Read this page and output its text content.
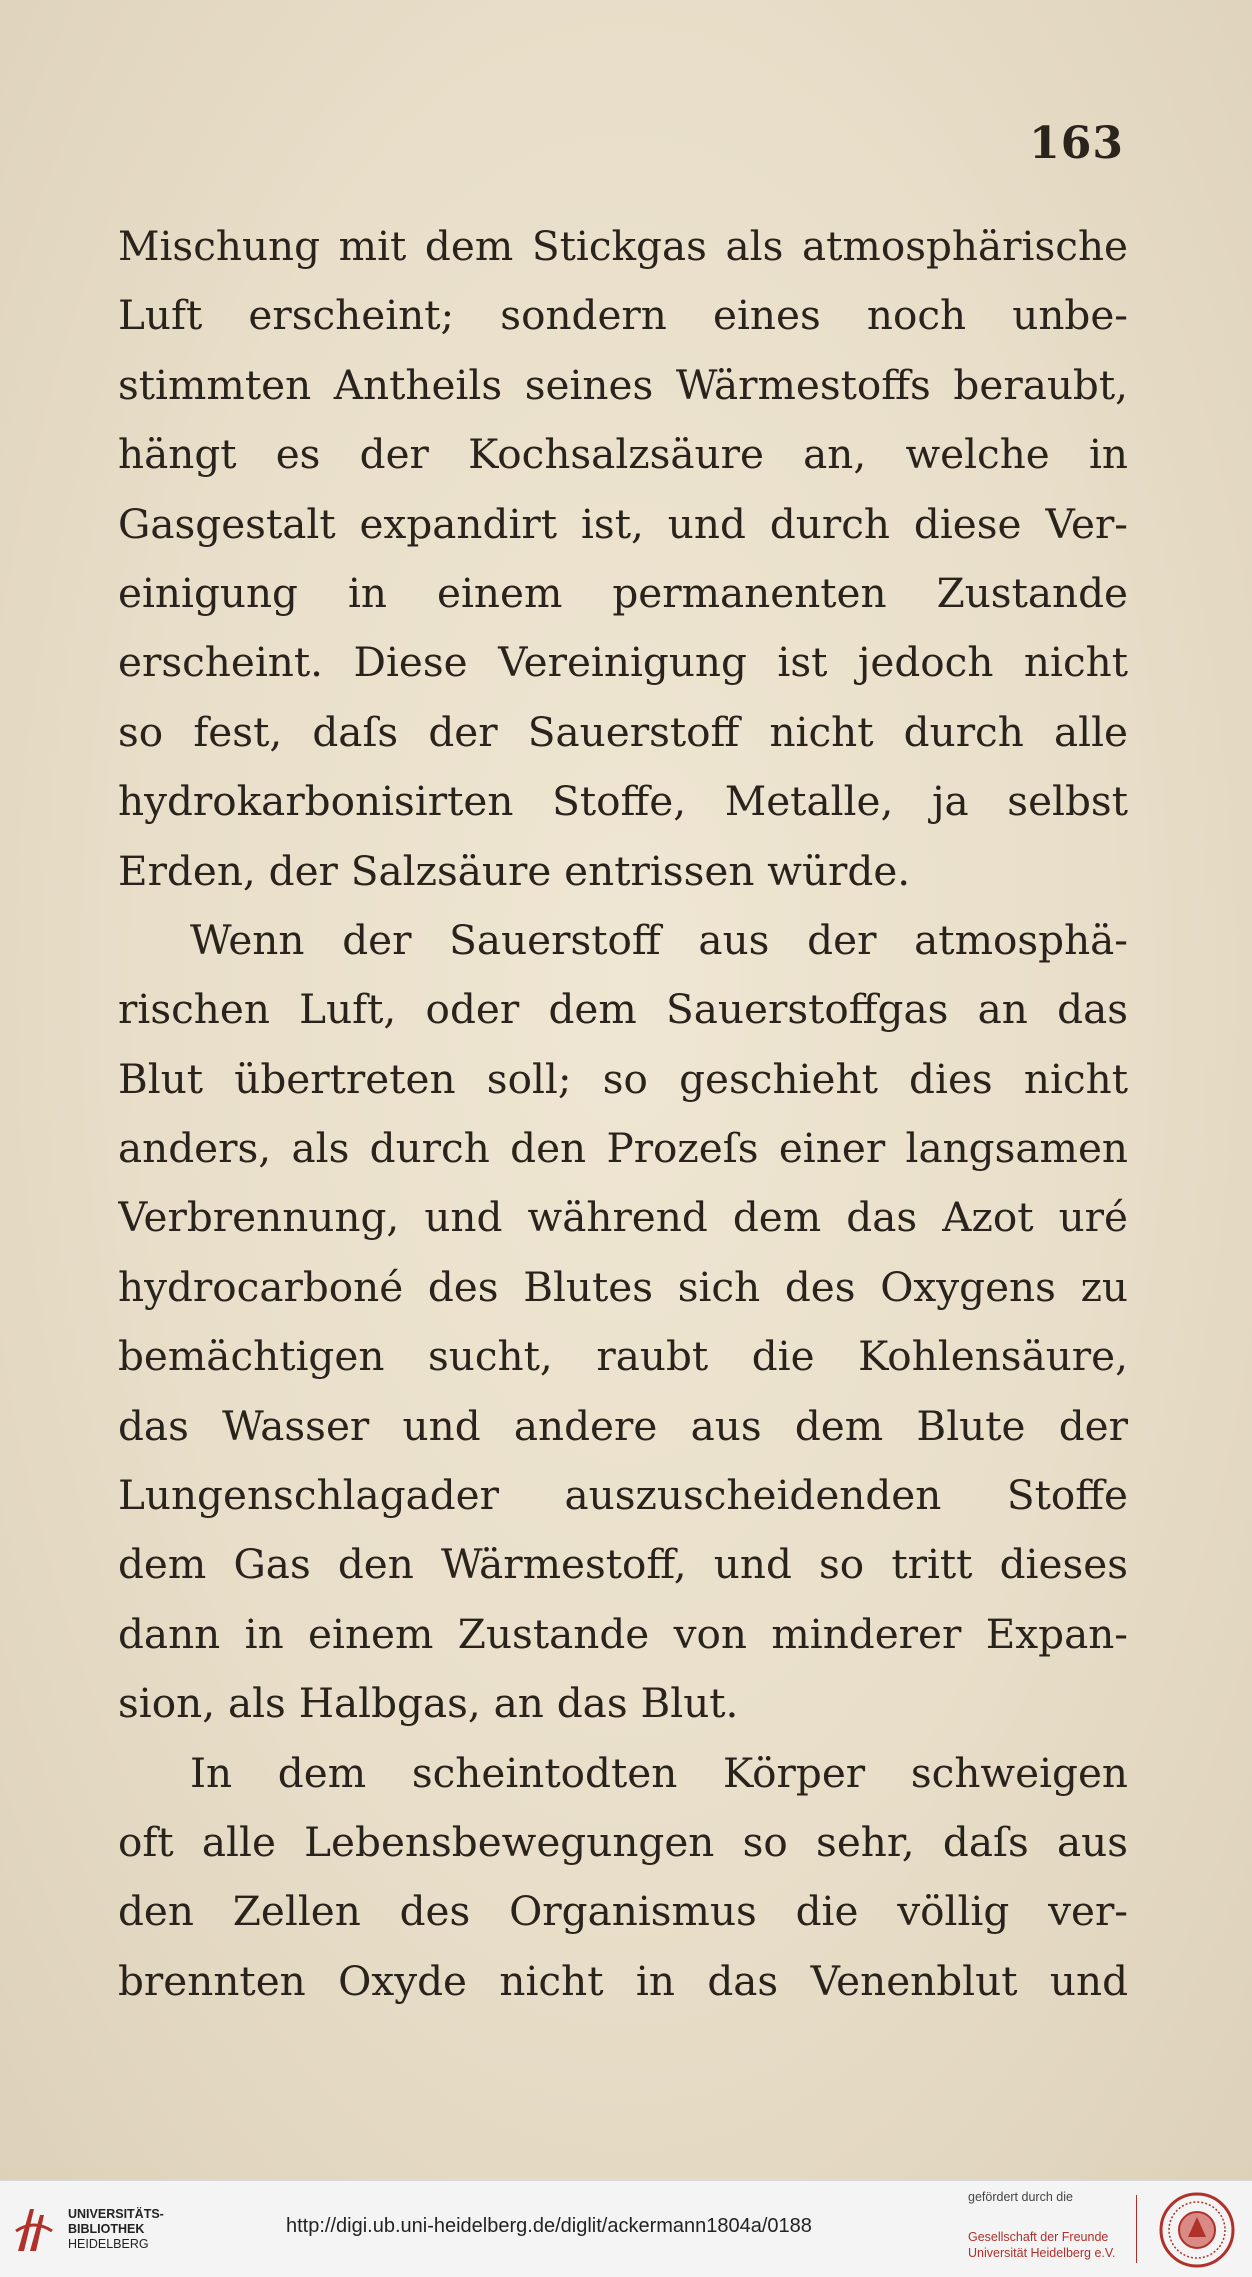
163
Mischung mit dem Stickgas als atmosphärische
Luft erscheint; sondern eines noch unbe-
stimmten Antheils seines Wärmestoffs beraubt,
hängt es der Kochsalzsäure an, welche in
Gasgestalt expandirt ist, und durch diese Ver-
einigung in einem permanenten Zustande
erscheint. Diese Vereinigung ist jedoch nicht
so fest, daſs der Sauerstoff nicht durch alle
hydrokarbonisirten Stoffe, Metalle, ja selbst
Erden, der Salzsäure entrissen würde.
Wenn der Sauerstoff aus der atmosphä-
rischen Luft, oder dem Sauerstoffgas an das
Blut übertreten soll; so geschieht dies nicht
anders, als durch den Prozeſs einer langsamen
Verbrennung, und während dem das Azot uré
hydrocarboné des Blutes sich des Oxygens zu
bemächtigen sucht, raubt die Kohlensäure,
das Wasser und andere aus dem Blute der
Lungenschlagader auszuscheidenden Stoffe
dem Gas den Wärmestoff, und so tritt dieses
dann in einem Zustande von minderer Expan-
sion, als Halbgas, an das Blut.
In dem scheintodten Körper schweigen
oft alle Lebensbewegungen so sehr, daſs aus
den Zellen des Organismus die völlig ver-
brennten Oxyde nicht in das Venenblut und
UNIVERSITÄTS-
BIBLIOTHEK
HEIDELBERG
http://digi.ub.uni-heidelberg.de/diglit/ackermann1804a/0188
gefördert durch die
Gesellschaft der Freunde
Universität Heidelberg e.V.
